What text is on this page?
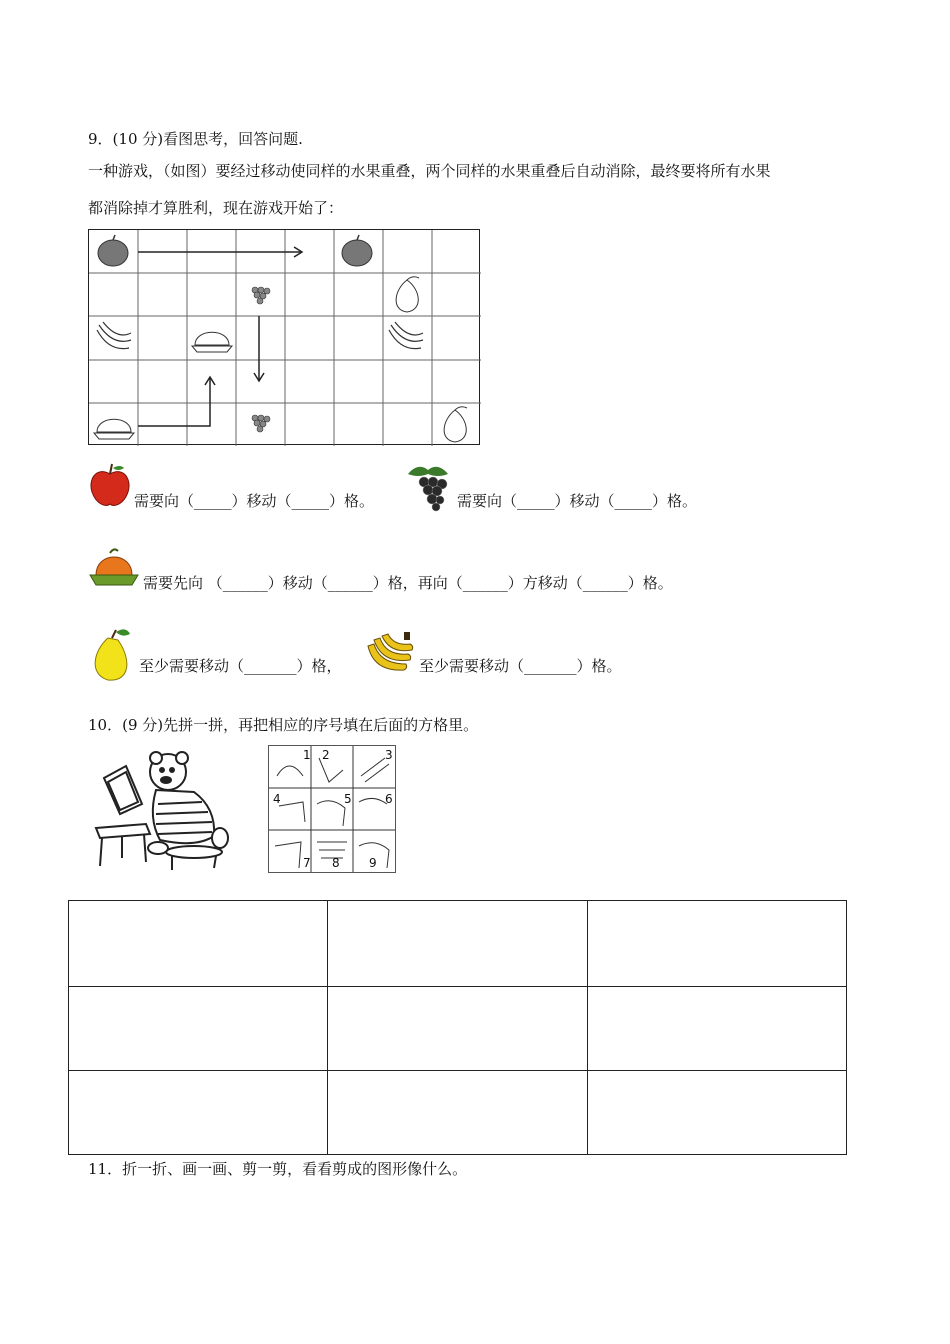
9．(10 分)看图思考，回答问题.
一种游戏，（如图）要经过移动使同样的水果重叠，两个同样的水果重叠后自动消除，最终要将所有水果
都消除掉才算胜利，现在游戏开始了：
需要向（_____）移动（_____）格。	需要向（_____）移动（_____）格。
需要先向 （______）移动（______）格，再向（______）方移动（______）格。
至少需要移动（_______）格，	至少需要移动（_______）格。
10．(9 分)先拼一拼，再把相应的序号填在后面的方格里。
1 2	3
4	5	6
7 8 9

11．折一折、画一画、剪一剪，看看剪成的图形像什么。
